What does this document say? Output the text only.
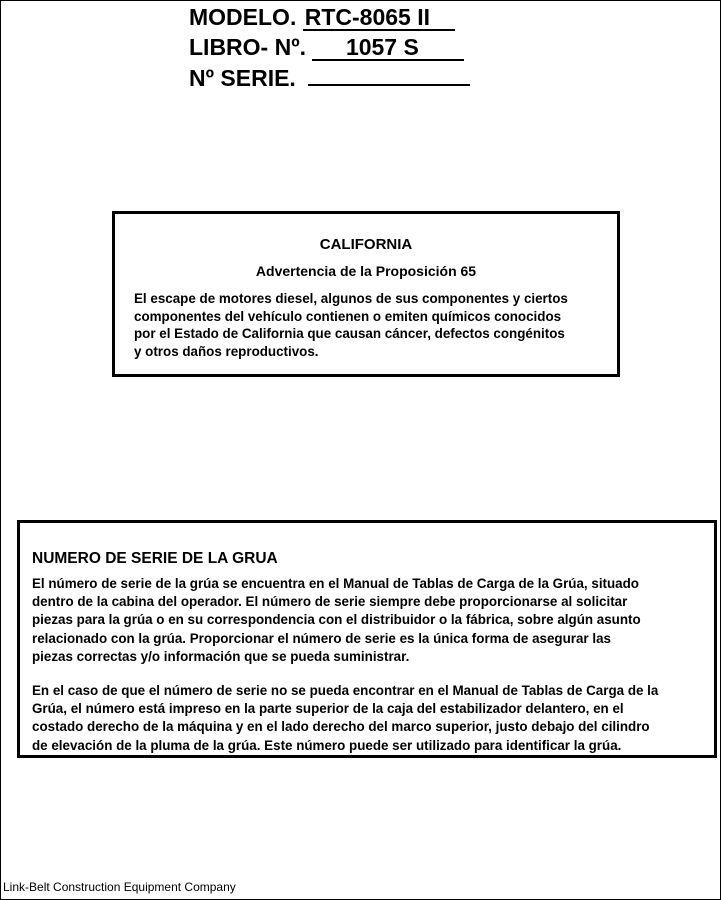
MODELO. RTC-8065 II
LIBRO- Nº. 1057 S
Nº SERIE.
CALIFORNIA
Advertencia de la Proposición 65

El escape de motores diesel, algunos de sus componentes y ciertos
componentes del vehículo contienen o emiten químicos conocidos
por el Estado de California que causan cáncer, defectos congénitos
y otros daños reproductivos.

NUMERO DE SERIE DE LA GRUA

El número de serie de la grúa se encuentra en el Manual de Tablas de Carga de la Grúa, situado
dentro de la cabina del operador. El número de serie siempre debe proporcionarse al solicitar
piezas para la grúa o en su correspondencia con el distribuidor o la fábrica, sobre algún asunto
relacionado con la grúa. Proporcionar el número de serie es la única forma de asegurar las
piezas correctas y/o información que se pueda suministrar.

En el caso de que el número de serie no se pueda encontrar en el Manual de Tablas de Carga de la
Grúa, el número está impreso en la parte superior de la caja del estabilizador delantero, en el
costado derecho de la máquina y en el lado derecho del marco superior, justo debajo del cilindro
de elevación de la pluma de la grúa. Este número puede ser utilizado para identificar la grúa.

Link-Belt Construction Equipment Company
